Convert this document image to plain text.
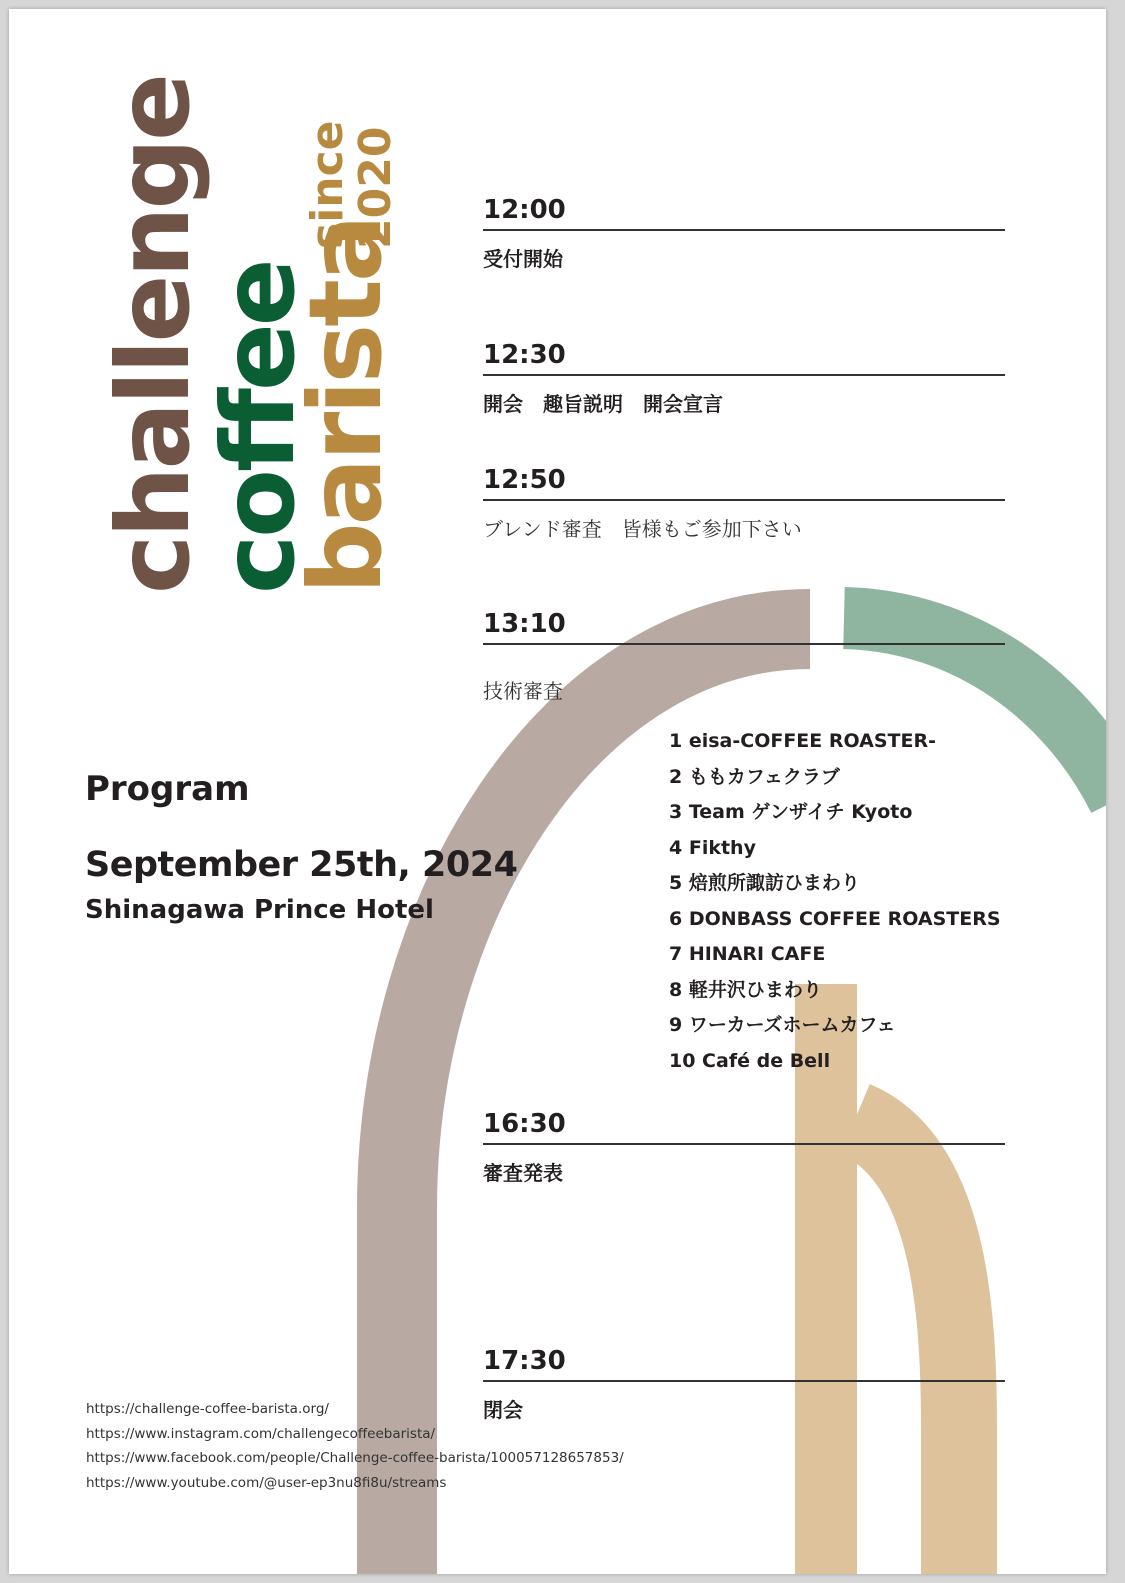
challenge
coffee
barista
since
2020
Program
September 25th, 2024
Shinagawa Prince Hotel
https://challenge-coffee-barista.org/
https://www.instagram.com/challengecoffeebarista/
https://www.facebook.com/people/Challenge-coffee-barista/100057128657853/
https://www.youtube.com/@user-ep3nu8fi8u/streams
12:00
受付開始
12:30
開会　趣旨説明　開会宣言
12:50
ブレンド審査　皆様もご参加下さい
13:10
技術審査
1 eisa-COFFEE ROASTER-
2 ももカフェクラブ
3 Team ゲンザイチ Kyoto
4 Fikthy
5 焙煎所諏訪ひまわり
6 DONBASS COFFEE ROASTERS
7 HINARI CAFE
8 軽井沢ひまわり
9 ワーカーズホームカフェ
10 Café de Bell
16:30
審査発表
17:30
閉会
